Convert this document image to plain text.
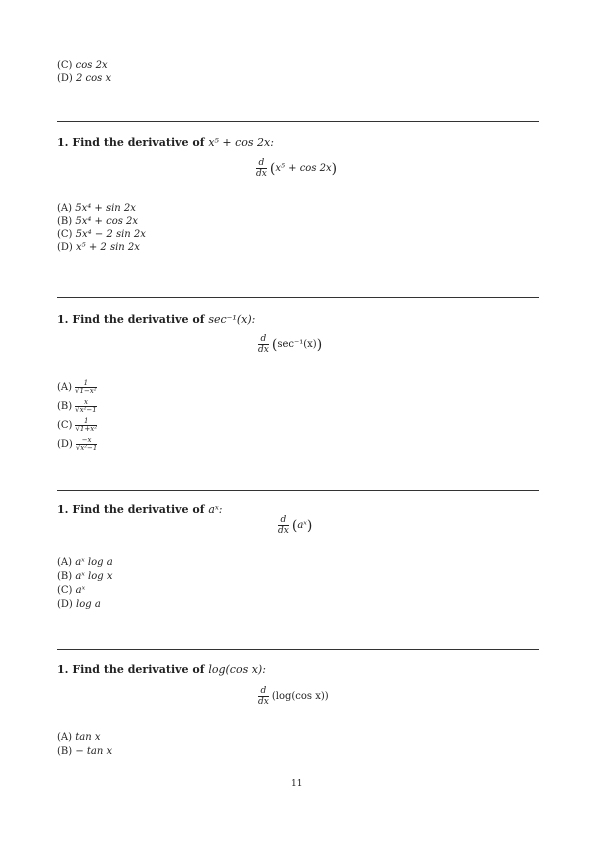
(C) cos 2x
(D) 2 cos x
1. Find the derivative of x⁵ + cos 2x:
$\frac{d}{dx}$ ( x⁵ + cos 2x )
(A) 5x⁴ + sin 2x
(B) 5x⁴ + cos 2x
(C) 5x⁴ − 2 sin 2x
(D) x⁵ + 2 sin 2x
1. Find the derivative of sec⁻¹(x):
$\frac{d}{dx}$ ( sec⁻¹(x) )
$(A) \frac{1}{\text{√1−x²}}$
$(B) \frac{x}{\text{√x²−1}}$
$(C) \frac{1}{\text{√1+x²}}$
$(D) \frac{-x}{\text{√x²−1}}$
1. Find the derivative of aˣ:
$\frac{d}{dx}$ ( aˣ )
(A) aˣ log a
(B) aˣ log x
(C) aˣ
(D) log a
1. Find the derivative of log(cos x):
$\frac{d}{dx} (\log(\cos$ x))
(A) tan x
(B) − tan x
11
